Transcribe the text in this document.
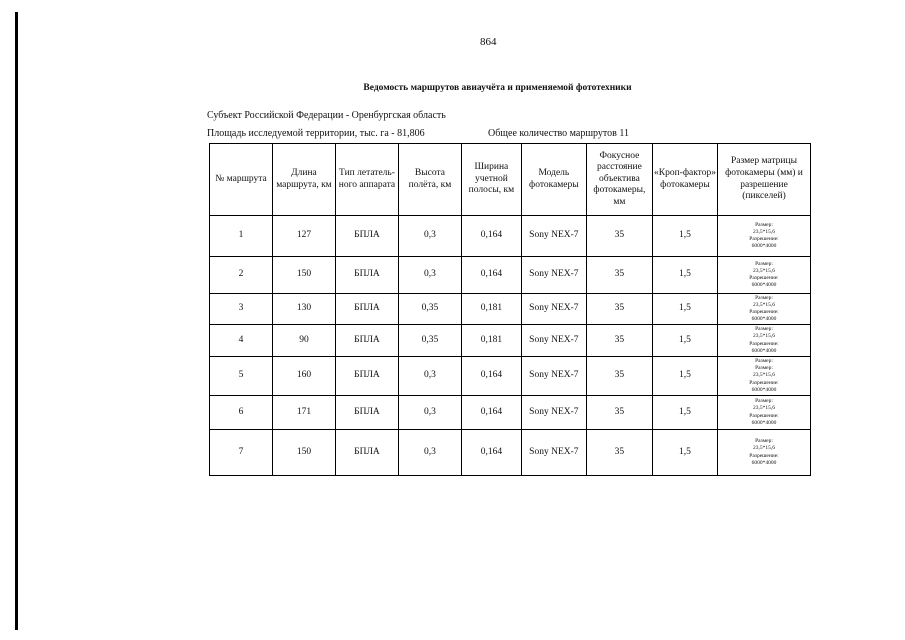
864
Ведомость маршрутов авиаучёта и применяемой фототехники
Субъект Российской Федерации - Оренбургская область
Площадь исследуемой территории, тыс. га - 81,806	Общее количество маршрутов 11
№ маршрута	Длина маршрута, км	Тип летатель-ного аппарата	Высота полёта, км	Ширина учетной полосы, км	Модель фотокамеры	Фокусное расстояние объектива фотокамеры, мм	«Кроп-фактор» фотокамеры	Размер матрицы фотокамеры (мм) и разрешение (пикселей)
1	127	БПЛА	0,3	0,164	Sony NEX-7	35	1,5	Размер:
23,5*15,6
Разрешение:
6000*4000

2	150	БПЛА	0,3	0,164	Sony NEX-7	35	1,5	Размер:
23,5*15,6
Разрешение:
6000*4000

3	130	БПЛА	0,35	0,181	Sony NEX-7	35	1,5	Размер:
23,5*15,6
Разрешение:
6000*4000

4	90	БПЛА	0,35	0,181	Sony NEX-7	35	1,5	Размер:
23,5*15,6
Разрешение:
6000*4000

5	160	БПЛА	0,3	0,164	Sony NEX-7	35	1,5	Размер:
Размер:
23,5*15,6
Разрешение:
6000*4000

6	171	БПЛА	0,3	0,164	Sony NEX-7	35	1,5	Размер:
23,5*15,6
Разрешение:
6000*4000

7	150	БПЛА	0,3	0,164	Sony NEX-7	35	1,5	Размер:
23,5*15,6
Разрешение:
6000*4000
